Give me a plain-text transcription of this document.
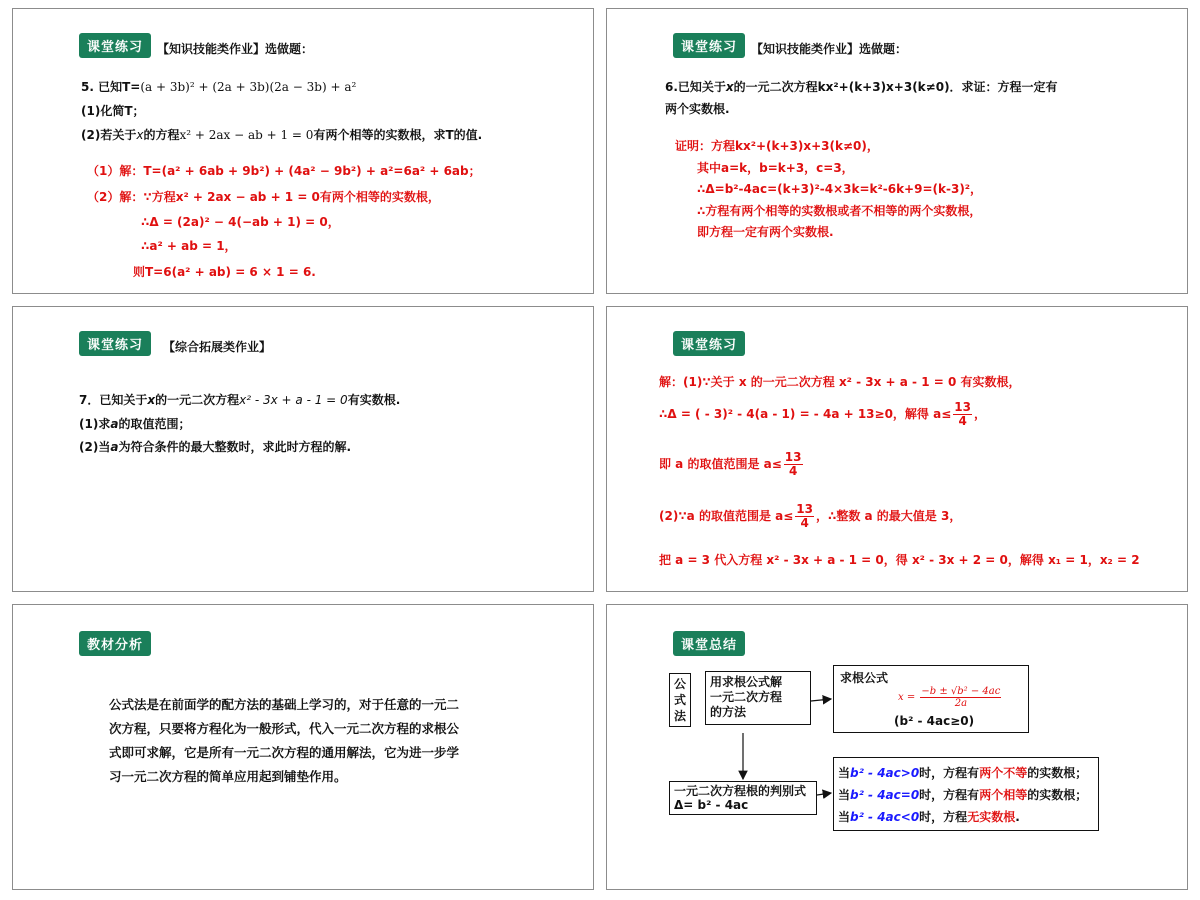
课堂练习	【知识技能类作业】选做题：
5. 已知T=(a + 3b)² + (2a + 3b)(2a − 3b) + a²
(1)化简T；
(2)若关于x的方程x² + 2ax − ab + 1 = 0有两个相等的实数根，求T的值.
（1）解：T=(a² + 6ab + 9b²) + (4a² − 9b²) + a²=6a² + 6ab；
（2）解：∵方程x² + 2ax − ab + 1 = 0有两个相等的实数根，
∴Δ = (2a)² − 4(−ab + 1) = 0，
∴a² + ab = 1，
则T=6(a² + ab) = 6 × 1 = 6.
课堂练习	【知识技能类作业】选做题：
6.已知关于x的一元二次方程kx²+(k+3)x+3(k≠0)．求证：方程一定有
两个实数根.
证明：方程kx²+(k+3)x+3(k≠0)，
其中a=k，b=k+3，c=3，
∴Δ=b²-4ac=(k+3)²-4×3k=k²-6k+9=(k-3)²，
∴方程有两个相等的实数根或者不相等的两个实数根，
即方程一定有两个实数根.
课堂练习	【综合拓展类作业】
7．已知关于x的一元二次方程x² - 3x + a - 1 = 0有实数根.
(1)求a的取值范围；
(2)当a为符合条件的最大整数时，求此时方程的解.
课堂练习
解：(1)∵关于 x 的一元二次方程 x² - 3x + a - 1 = 0 有实数根，
∴Δ = ( - 3)² - 4(a - 1) = - 4a + 13≥0，解得 $a\le \frac{13}{4}$ ，
即 a 的取值范围是 $a\le \frac{13}{4}$
(2)∵a 的取值范围是 $a\le \frac{13}{4}$ ，∴整数 a 的最大值是 3，
把 a = 3 代入方程 x² - 3x + a - 1 = 0，得 x² - 3x + 2 = 0，解得 x₁ = 1，x₂ = 2
教材分析
公式法是在前面学的配方法的基础上学习的，对于任意的一元二
次方程，只要将方程化为一般形式，代入一元二次方程的求根公
式即可求解，它是所有一元二次方程的通用解法，它为进一步学
习一元二次方程的简单应用起到铺垫作用。
课堂总结
公式法
用求根公式解
一元二次方程
的方法
求根公式
$x = \frac{\text{−b ± √b² − 4ac}}{2a}$
(b² - 4ac≥0)
一元二次方程根的判别式
Δ= b² - 4ac
当b² - 4ac>0时，方程有两个不等的实数根；
当b² - 4ac=0时，方程有两个相等的实数根；
当b² - 4ac<0时，方程无实数根.
